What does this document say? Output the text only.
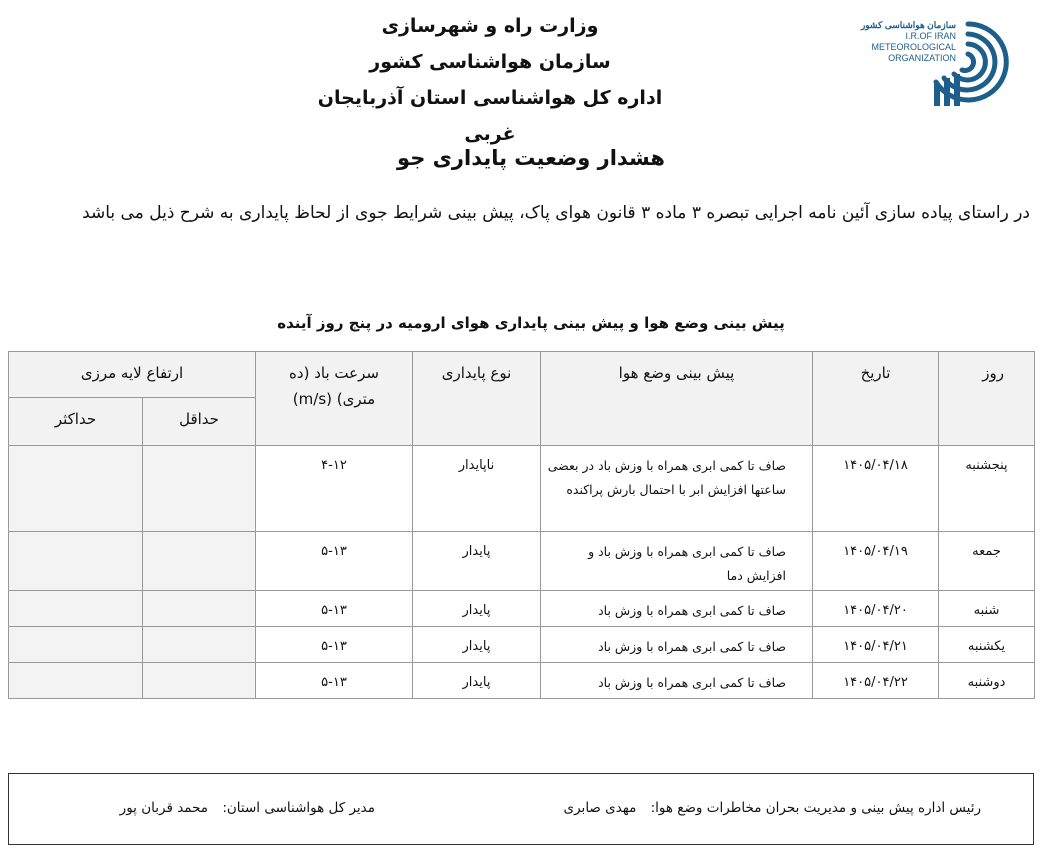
وزارت راه و شهرسازی
سازمان هواشناسی کشور
اداره کل هواشناسی استان آذربایجان غربی
سازمان هواشناسی کشور
I.R.OF IRAN
METEOROLOGICAL
ORGANIZATION
هشدار وضعیت پایداری جو
در راستای پیاده سازی آئین نامه اجرایی تبصره ۳ ماده ۳ قانون هوای پاک، پیش بینی شرایط جوی از لحاظ پایداری به شرح ذیل می باشد
پیش بینی وضع هوا و پیش بینی پایداری هوای ارومیه در پنج روز آینده
روز	تاریخ	پیش بینی وضع هوا	نوع پایداری	سرعت باد (ده متری) (m/s)	ارتفاع لایه مرزی	
					حداقل	حداکثر
پنجشنبه	۱۴۰۵/۰۴/۱۸	صاف تا کمی ابری همراه با وزش باد در بعضی ساعتها افزایش ابر با احتمال بارش پراکنده	ناپایدار	۴-۱۲		
جمعه	۱۴۰۵/۰۴/۱۹	صاف تا کمی ابری همراه با وزش باد و افزایش دما	پایدار	۵-۱۳		
شنبه	۱۴۰۵/۰۴/۲۰	صاف تا کمی ابری همراه با وزش باد	پایدار	۵-۱۳		
یکشنبه	۱۴۰۵/۰۴/۲۱	صاف تا کمی ابری همراه با وزش باد	پایدار	۵-۱۳		
دوشنبه	۱۴۰۵/۰۴/۲۲	صاف تا کمی ابری همراه با وزش باد	پایدار	۵-۱۳		
رئیس اداره پیش بینی و مدیریت بحران مخاطرات وضع هوا: مهدی صابری
مدیر کل هواشناسی استان: محمد قربان پور
